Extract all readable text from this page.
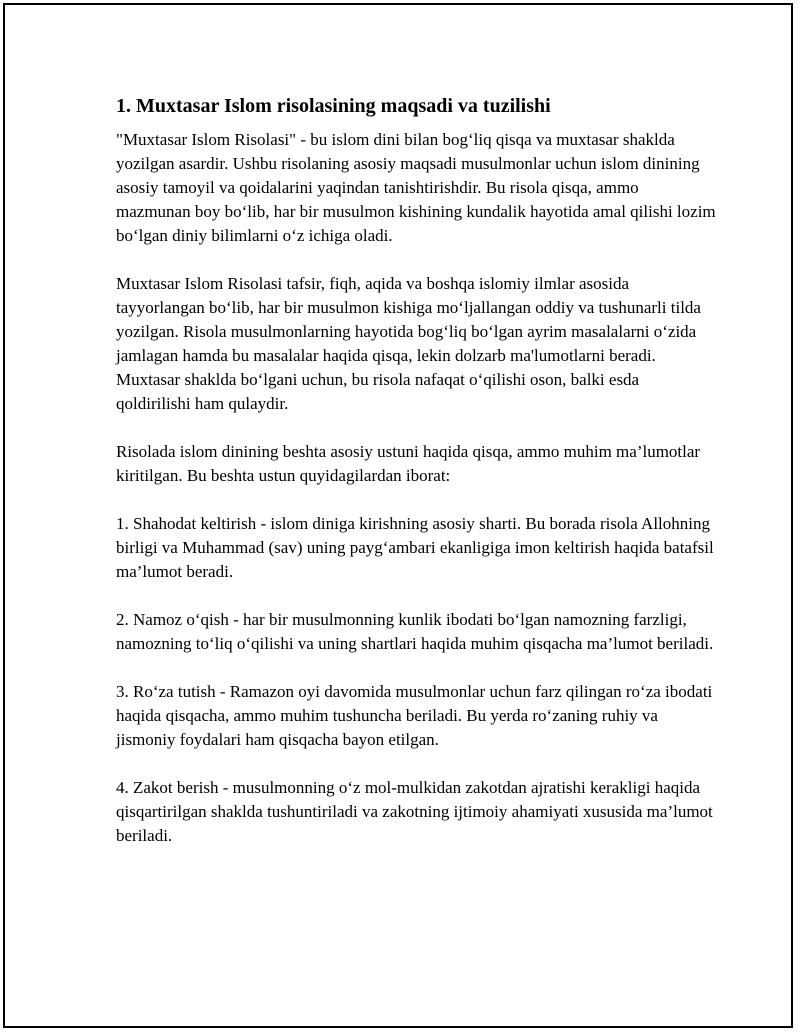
1. Muxtasar Islom risolasining maqsadi va tuzilishi

"Muxtasar Islom Risolasi" - bu islom dini bilan bog‘liq qisqa va muxtasar shaklda yozilgan asardir. Ushbu risolaning asosiy maqsadi musulmonlar uchun islom dinining asosiy tamoyil va qoidalarini yaqindan tanishtirishdir. Bu risola qisqa, ammo mazmunan boy bo‘lib, har bir musulmon kishining kundalik hayotida amal qilishi lozim bo‘lgan diniy bilimlarni o‘z ichiga oladi.

Muxtasar Islom Risolasi tafsir, fiqh, aqida va boshqa islomiy ilmlar asosida tayyorlangan bo‘lib, har bir musulmon kishiga mo‘ljallangan oddiy va tushunarli tilda yozilgan. Risola musulmonlarning hayotida bog‘liq bo‘lgan ayrim masalalarni o‘zida jamlagan hamda bu masalalar haqida qisqa, lekin dolzarb ma'lumotlarni beradi. Muxtasar shaklda bo‘lgani uchun, bu risola nafaqat o‘qilishi oson, balki esda qoldirilishi ham qulaydir.

Risolada islom dinining beshta asosiy ustuni haqida qisqa, ammo muhim ma’lumotlar kiritilgan. Bu beshta ustun quyidagilardan iborat:

1. Shahodat keltirish - islom diniga kirishning asosiy sharti. Bu borada risola Allohning birligi va Muhammad (sav) uning payg‘ambari ekanligiga imon keltirish haqida batafsil ma’lumot beradi.

2. Namoz o‘qish - har bir musulmonning kunlik ibodati bo‘lgan namozning farzligi, namozning to‘liq o‘qilishi va uning shartlari haqida muhim qisqacha ma’lumot beriladi.

3. Ro‘za tutish - Ramazon oyi davomida musulmonlar uchun farz qilingan ro‘za ibodati haqida qisqacha, ammo muhim tushuncha beriladi. Bu yerda ro‘zaning ruhiy va jismoniy foydalari ham qisqacha bayon etilgan.

4. Zakot berish - musulmonning o‘z mol-mulkidan zakotdan ajratishi kerakligi haqida qisqartirilgan shaklda tushuntiriladi va zakotning ijtimoiy ahamiyati xususida ma’lumot beriladi.
